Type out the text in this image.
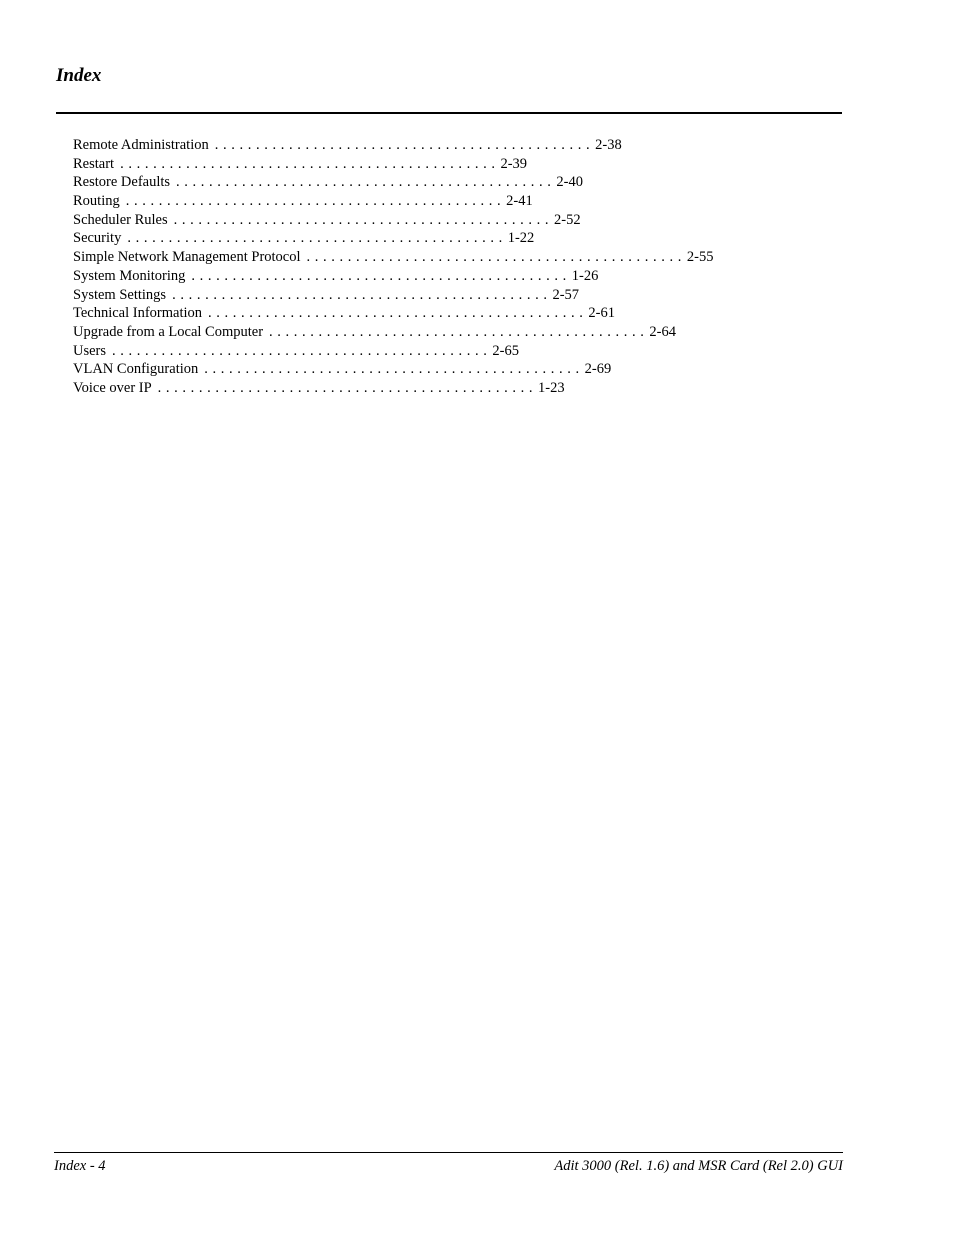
Index
Remote Administration . . . . . . . . . . . . . . . . . . . . . . . . . . . . . . . . . . . . . . . . . . . . . . 2-38
Restart . . . . . . . . . . . . . . . . . . . . . . . . . . . . . . . . . . . . . . . . . . . . . . 2-39
Restore Defaults . . . . . . . . . . . . . . . . . . . . . . . . . . . . . . . . . . . . . . . . . . . . . . 2-40
Routing . . . . . . . . . . . . . . . . . . . . . . . . . . . . . . . . . . . . . . . . . . . . . . 2-41
Scheduler Rules . . . . . . . . . . . . . . . . . . . . . . . . . . . . . . . . . . . . . . . . . . . . . . 2-52
Security . . . . . . . . . . . . . . . . . . . . . . . . . . . . . . . . . . . . . . . . . . . . . . 1-22
Simple Network Management Protocol . . . . . . . . . . . . . . . . . . . . . . . . . . . . . . . . . . . . . . . . . . . . . . 2-55
System Monitoring . . . . . . . . . . . . . . . . . . . . . . . . . . . . . . . . . . . . . . . . . . . . . . 1-26
System Settings . . . . . . . . . . . . . . . . . . . . . . . . . . . . . . . . . . . . . . . . . . . . . . 2-57
Technical Information . . . . . . . . . . . . . . . . . . . . . . . . . . . . . . . . . . . . . . . . . . . . . . 2-61
Upgrade from a Local Computer . . . . . . . . . . . . . . . . . . . . . . . . . . . . . . . . . . . . . . . . . . . . . . 2-64
Users . . . . . . . . . . . . . . . . . . . . . . . . . . . . . . . . . . . . . . . . . . . . . . 2-65
VLAN Configuration . . . . . . . . . . . . . . . . . . . . . . . . . . . . . . . . . . . . . . . . . . . . . . 2-69
Voice over IP . . . . . . . . . . . . . . . . . . . . . . . . . . . . . . . . . . . . . . . . . . . . . . 1-23
Index - 4	Adit 3000 (Rel. 1.6) and MSR Card (Rel 2.0) GUI
